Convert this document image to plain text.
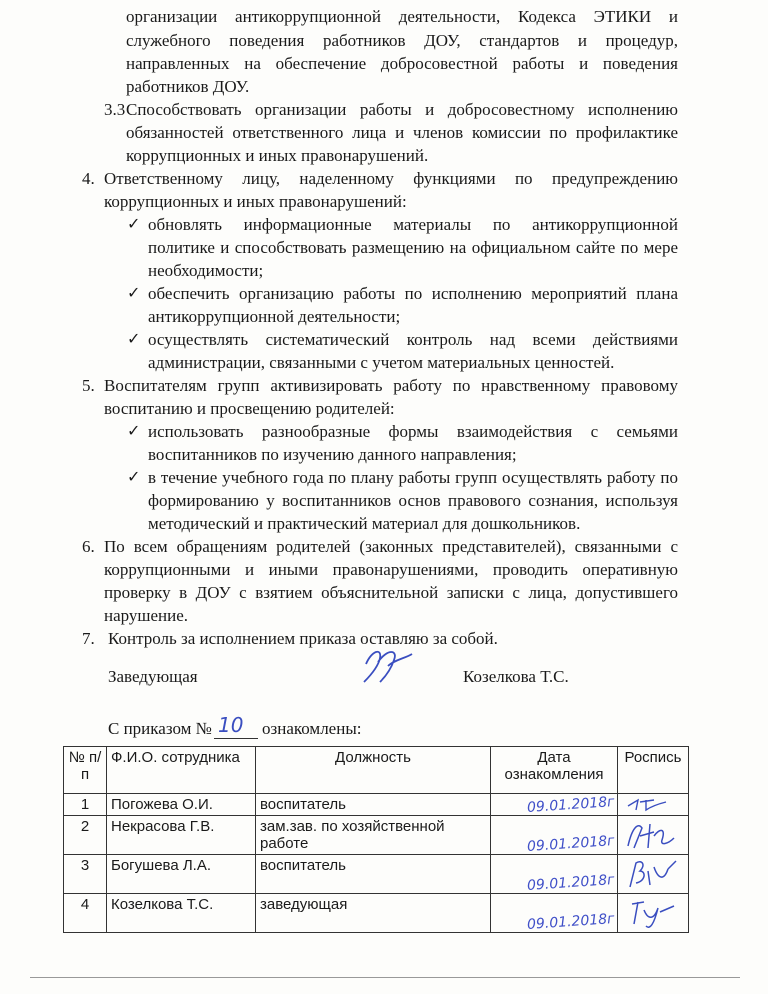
организации антикоррупционной деятельности, Кодекса ЭТИКИ и
служебного поведения работников ДОУ, стандартов и процедур,
направленных на обеспечение добросовестной работы и поведения
работников ДОУ.
3.3 Способствовать организации работы и добросовестному исполнению
обязанностей ответственного лица и членов комиссии по профилактике
коррупционных и иных правонарушений.
4. Ответственному лицу, наделенному функциями по предупреждению
коррупционных и иных правонарушений:
✓ обновлять информационные материалы по антикоррупционной
политике и способствовать размещению на официальном сайте по мере
необходимости;
✓ обеспечить организацию работы по исполнению мероприятий плана
антикоррупционной деятельности;
✓ осуществлять систематический контроль над всеми действиями
администрации, связанными с учетом материальных ценностей.
5. Воспитателям групп активизировать работу по нравственному правовому
воспитанию и просвещению родителей:
✓ использовать разнообразные формы взаимодействия с семьями
воспитанников по изучению данного направления;
✓ в течение учебного года по плану работы групп осуществлять работу по
формированию у воспитанников основ правового сознания, используя
методический и практический материал для дошкольников.
6. По всем обращениям родителей (законных представителей), связанными с
коррупционными и иными правонарушениями, проводить оперативную
проверку в ДОУ с взятием объяснительной записки с лица, допустившего
нарушение.
7. Контроль за исполнением приказа оставляю за собой.
Заведующая	Козелкова Т.С.
С приказом № 10 ознакомлены:
№ п/п	Ф.И.О. сотрудника	Должность	Дата ознакомления	Роспись
1	Погожева О.И.	воспитатель	09.01.2018г

2	Некрасова Г.В.	зам.зав. по хозяйственной работе	09.01.2018г

3	Богушева Л.А.	воспитатель	09.01.2018г

4	Козелкова Т.С.	заведующая	09.01.2018г
